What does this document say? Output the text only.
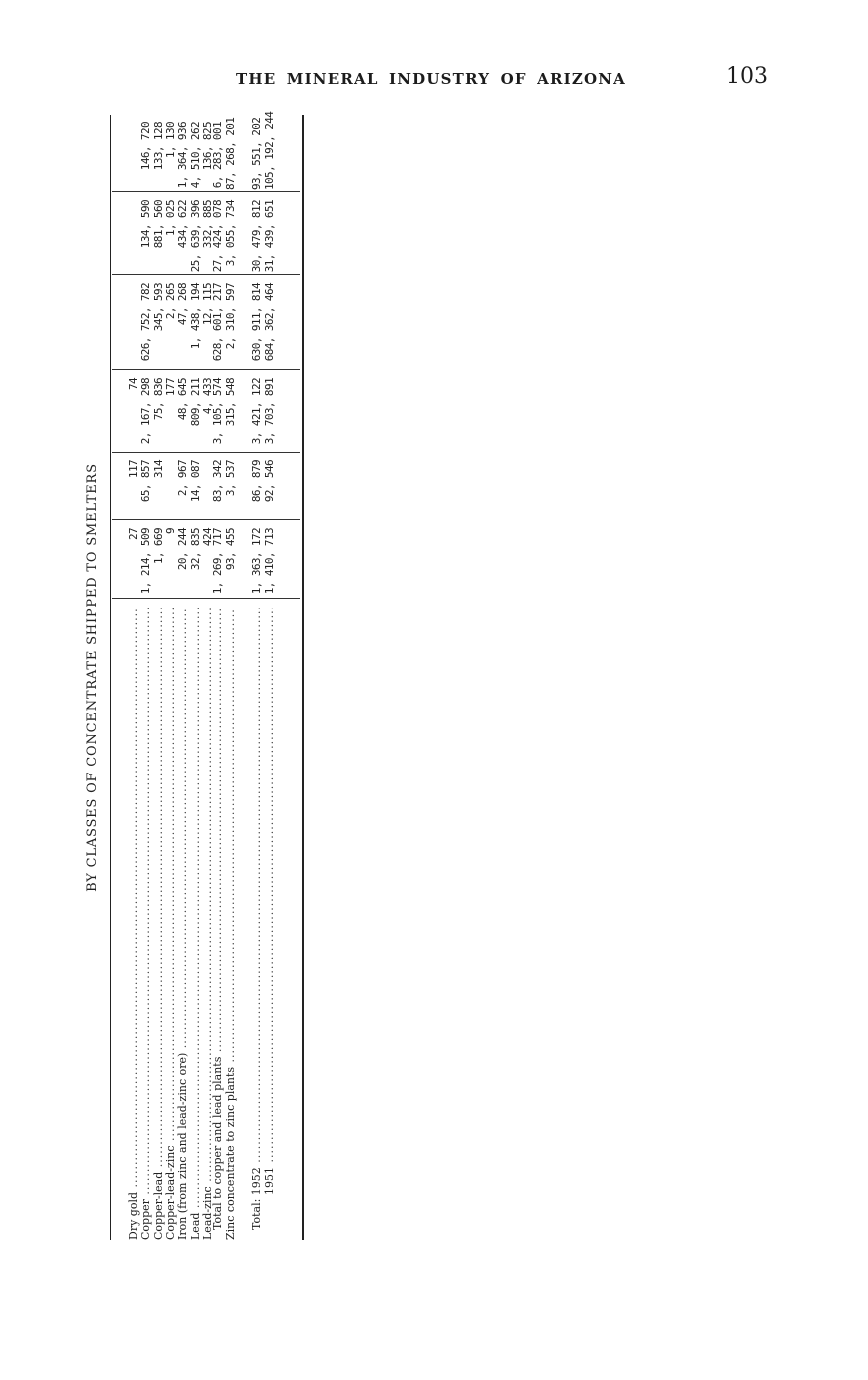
THE MINERAL INDUSTRY OF ARIZONA	103
BY CLASSES OF CONCENTRATE SHIPPED TO SMELTERS
Dry gold .....
27
117
74
Copper .....
1, 214, 509
65, 857
2, 167, 298
626, 752, 782
134, 590
146, 720
Copper-lead .....
1, 669
314
75, 836
345, 593
881, 560
133, 128
Copper-lead-zinc .....
9
177
2, 265
1, 025
1, 130
Iron (from zinc and lead-zinc ore) .....
20, 244
2, 967
48, 645
47, 268
434, 622
1, 364, 936
Lead .....
32, 835
14, 087
809, 211
1, 438, 194
25, 639, 396
4, 510, 262
Lead-zinc .....
424
4, 433
12, 115
332, 885
136, 825
Total to copper and lead plants .....
1, 269, 717
83, 342
3, 105, 574
628, 601, 217
27, 424, 078
6, 283, 001
Zinc concentrate to zinc plants .....
93, 455
3, 537
315, 548
2, 310, 597
3, 055, 734
87, 268, 201
Total: 1952 .....
1, 363, 172
86, 879
3, 421, 122
630, 911, 814
30, 479, 812
93, 551, 202
1951 .....
1, 410, 713
92, 546
3, 703, 891
684, 362, 464
31, 439, 651
105, 192, 244
